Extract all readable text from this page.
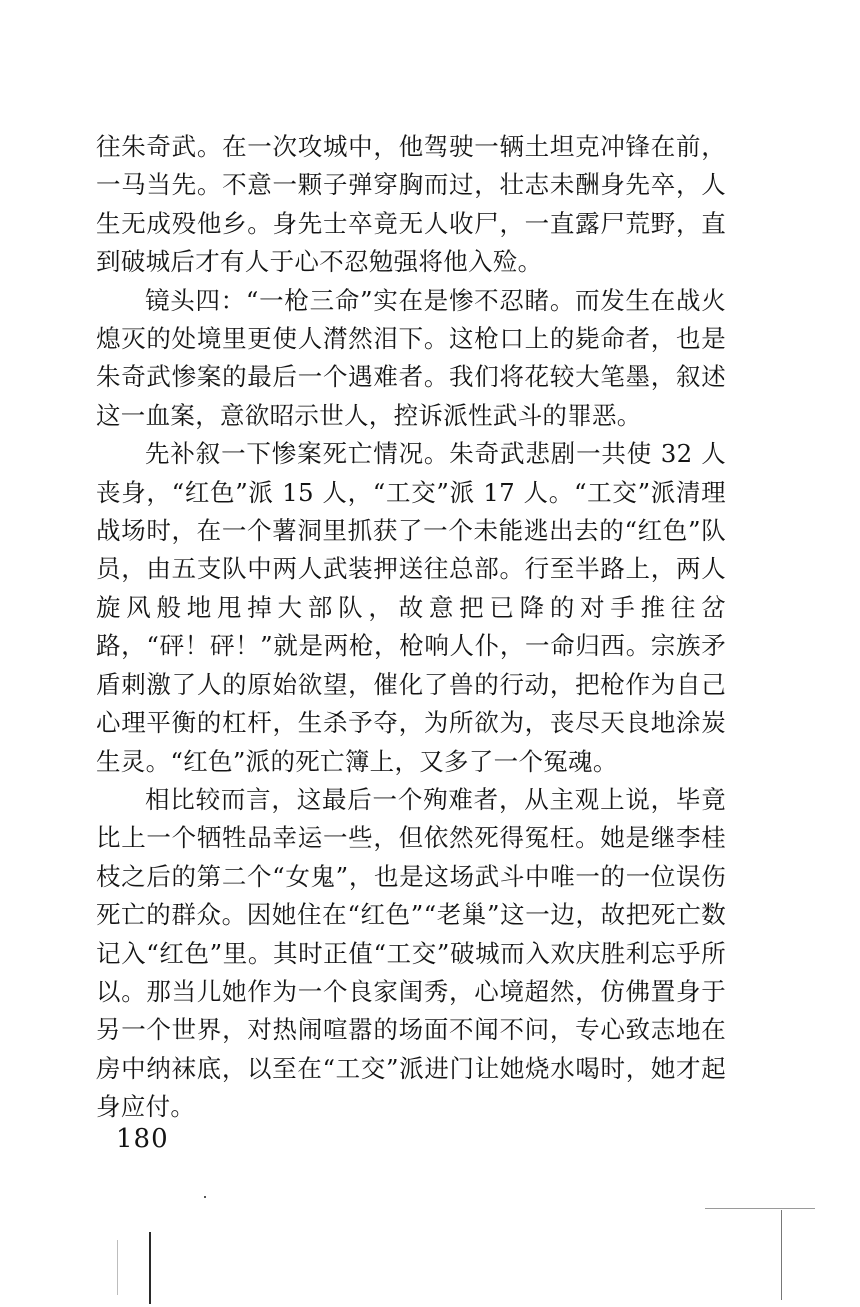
往朱奇武。在一次攻城中，他驾驶一辆土坦克冲锋在前，一马当先。不意一颗子弹穿胸而过，壮志未酬身先卒，人生无成殁他乡。身先士卒竟无人收尸，一直露尸荒野，直到破城后才有人于心不忍勉强将他入殓。

镜头四：“一枪三命”实在是惨不忍睹。而发生在战火熄灭的处境里更使人潸然泪下。这枪口上的毙命者，也是朱奇武惨案的最后一个遇难者。我们将花较大笔墨，叙述这一血案，意欲昭示世人，控诉派性武斗的罪恶。

先补叙一下惨案死亡情况。朱奇武悲剧一共使 32 人丧身，“红色”派 15 人，“工交”派 17 人。“工交”派清理战场时，在一个薯洞里抓获了一个未能逃出去的“红色”队员，由五支队中两人武装押送往总部。行至半路上，两人旋风般地甩掉大部队，故意把已降的对手推往岔路，“砰！砰！”就是两枪，枪响人仆，一命归西。宗族矛盾刺激了人的原始欲望，催化了兽的行动，把枪作为自己心理平衡的杠杆，生杀予夺，为所欲为，丧尽天良地涂炭生灵。“红色”派的死亡簿上，又多了一个冤魂。

相比较而言，这最后一个殉难者，从主观上说，毕竟比上一个牺牲品幸运一些，但依然死得冤枉。她是继李桂枝之后的第二个“女鬼”，也是这场武斗中唯一的一位误伤死亡的群众。因她住在“红色”“老巢”这一边，故把死亡数记入“红色”里。其时正值“工交”破城而入欢庆胜利忘乎所以。那当儿她作为一个良家闺秀，心境超然，仿佛置身于另一个世界，对热闹喧嚣的场面不闻不问，专心致志地在房中纳袜底，以至在“工交”派进门让她烧水喝时，她才起身应付。

180
